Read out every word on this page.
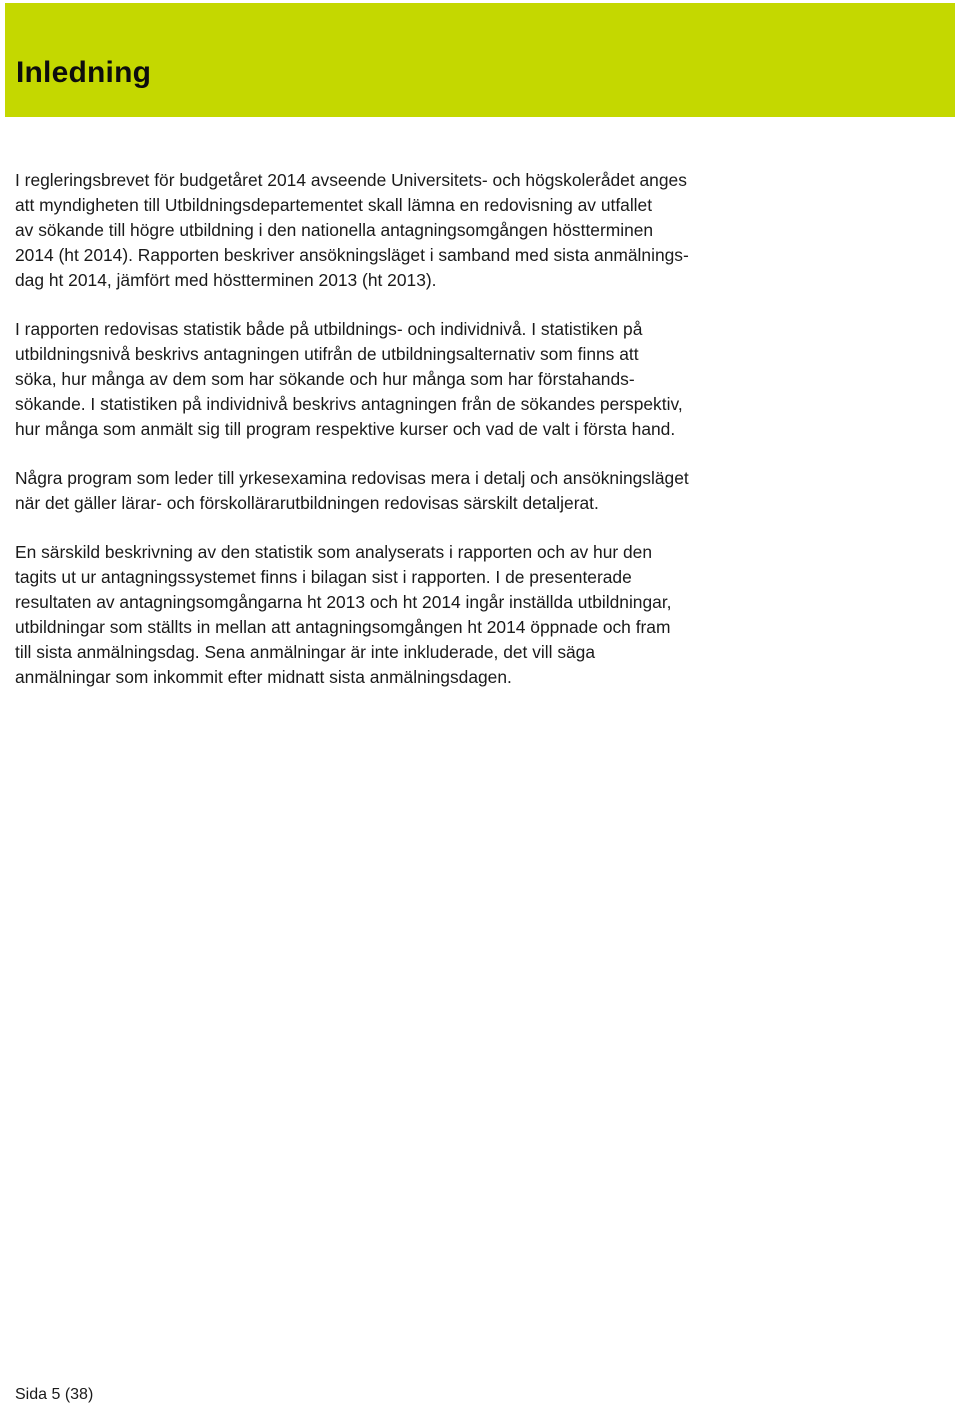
Inledning
I regleringsbrevet för budgetåret 2014 avseende Universitets- och högskolerådet anges
att myndigheten till Utbildningsdepartementet skall lämna en redovisning av utfallet
av sökande till högre utbildning i den nationella antagningsomgången höstterminen
2014 (ht 2014). Rapporten beskriver ansökningsläget i samband med sista anmälnings-
dag ht 2014, jämfört med höstterminen 2013 (ht 2013).
I rapporten redovisas statistik både på utbildnings- och individnivå. I statistiken på
utbildningsnivå beskrivs antagningen utifrån de utbildningsalternativ som finns att
söka, hur många av dem som har sökande och hur många som har förstahands-
sökande. I statistiken på individnivå beskrivs antagningen från de sökandes perspektiv,
hur många som anmält sig till program respektive kurser och vad de valt i första hand.
Några program som leder till yrkesexamina redovisas mera i detalj och ansökningsläget
när det gäller lärar- och förskollärarutbildningen redovisas särskilt detaljerat.
En särskild beskrivning av den statistik som analyserats i rapporten och av hur den
tagits ut ur antagningssystemet finns i bilagan sist i rapporten. I de presenterade
resultaten av antagningsomgångarna ht 2013 och ht 2014 ingår inställda utbildningar,
utbildningar som ställts in mellan att antagningsomgången ht 2014 öppnade och fram
till sista anmälningsdag. Sena anmälningar är inte inkluderade, det vill säga
anmälningar som inkommit efter midnatt sista anmälningsdagen.
Sida 5 (38)
